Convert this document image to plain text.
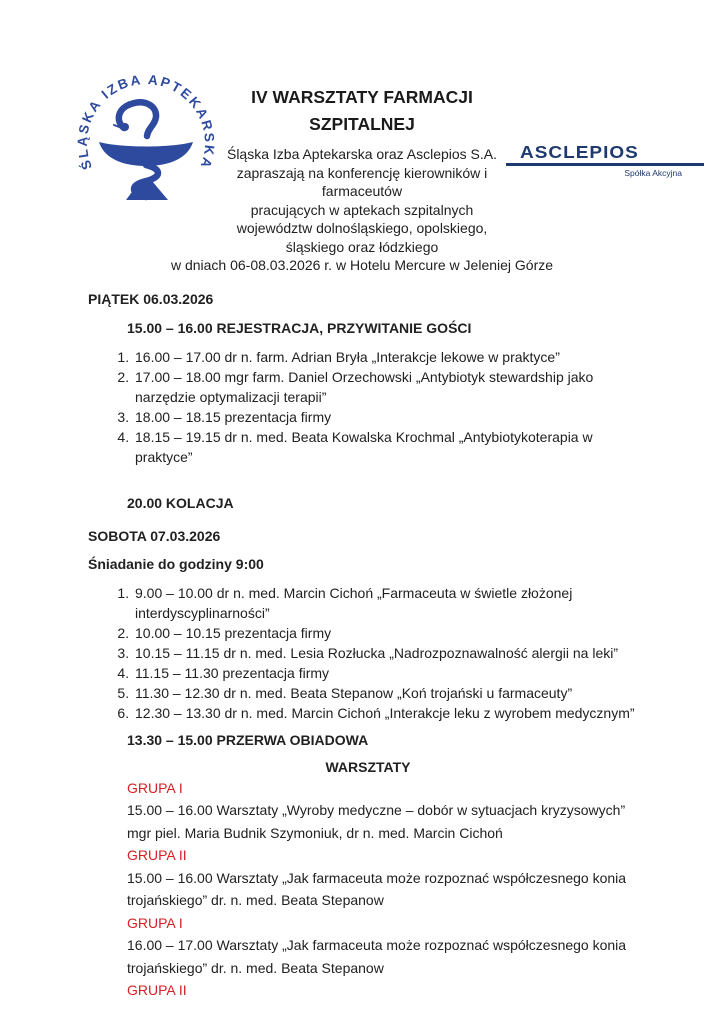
ŚLĄSKA IZBA APTEKARSKA
ASCLEPIOS
Spółka Akcyjna
IV WARSZTATY FARMACJI
SZPITALNEJ
Śląska Izba Aptekarska oraz Asclepios S.A.
zapraszają na konferencję kierowników i
farmaceutów
pracujących w aptekach szpitalnych
województw dolnośląskiego, opolskiego,
śląskiego oraz łódzkiego
w dniach 06-08.03.2026 r. w Hotelu Mercure w Jeleniej Górze
PIĄTEK 06.03.2026
15.00 – 16.00 REJESTRACJA, PRZYWITANIE GOŚCI
1. 16.00 – 17.00 dr n. farm. Adrian Bryła „Interakcje lekowe w praktyce”
2. 17.00 – 18.00 mgr farm. Daniel Orzechowski „Antybiotyk stewardship jako narzędzie optymalizacji terapii”
3. 18.00 – 18.15 prezentacja firmy
4. 18.15 – 19.15 dr n. med. Beata Kowalska Krochmal „Antybiotykoterapia w praktyce”
20.00 KOLACJA
SOBOTA 07.03.2026
Śniadanie do godziny 9:00
1. 9.00 – 10.00 dr n. med. Marcin Cichoń „Farmaceuta w świetle złożonej interdyscyplinarności”
2. 10.00 – 10.15 prezentacja firmy
3. 10.15 – 11.15 dr n. med. Lesia Rozłucka „Nadrozpoznawalność alergii na leki”
4. 11.15 – 11.30 prezentacja firmy
5. 11.30 – 12.30 dr n. med. Beata Stepanow „Koń trojański u farmaceuty”
6. 12.30 – 13.30 dr n. med. Marcin Cichoń „Interakcje leku z wyrobem medycznym”
13.30 – 15.00 PRZERWA OBIADOWA
WARSZTATY
GRUPA I
15.00 – 16.00 Warsztaty „Wyroby medyczne – dobór w sytuacjach kryzysowych”
mgr piel. Maria Budnik Szymoniuk, dr n. med. Marcin Cichoń
GRUPA II
15.00 – 16.00 Warsztaty „Jak farmaceuta może rozpoznać współczesnego konia trojańskiego” dr. n. med. Beata Stepanow
GRUPA I
16.00 – 17.00 Warsztaty „Jak farmaceuta może rozpoznać współczesnego konia trojańskiego” dr. n. med. Beata Stepanow
GRUPA II
